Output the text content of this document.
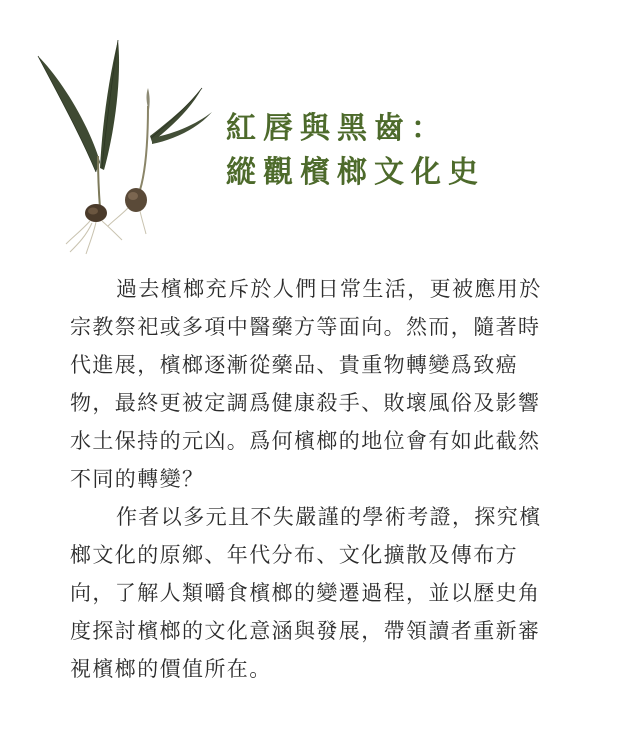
紅唇與黑齒：
縱觀檳榔文化史
過去檳榔充斥於人們日常生活，更被應用於
宗教祭祀或多項中醫藥方等面向。然而，隨著時
代進展，檳榔逐漸從藥品、貴重物轉變爲致癌
物，最終更被定調爲健康殺手、敗壞風俗及影響
水土保持的元凶。爲何檳榔的地位會有如此截然
不同的轉變？
作者以多元且不失嚴謹的學術考證，探究檳
榔文化的原鄉、年代分布、文化擴散及傳布方
向，了解人類嚼食檳榔的變遷過程，並以歷史角
度探討檳榔的文化意涵與發展，帶領讀者重新審
視檳榔的價值所在。
